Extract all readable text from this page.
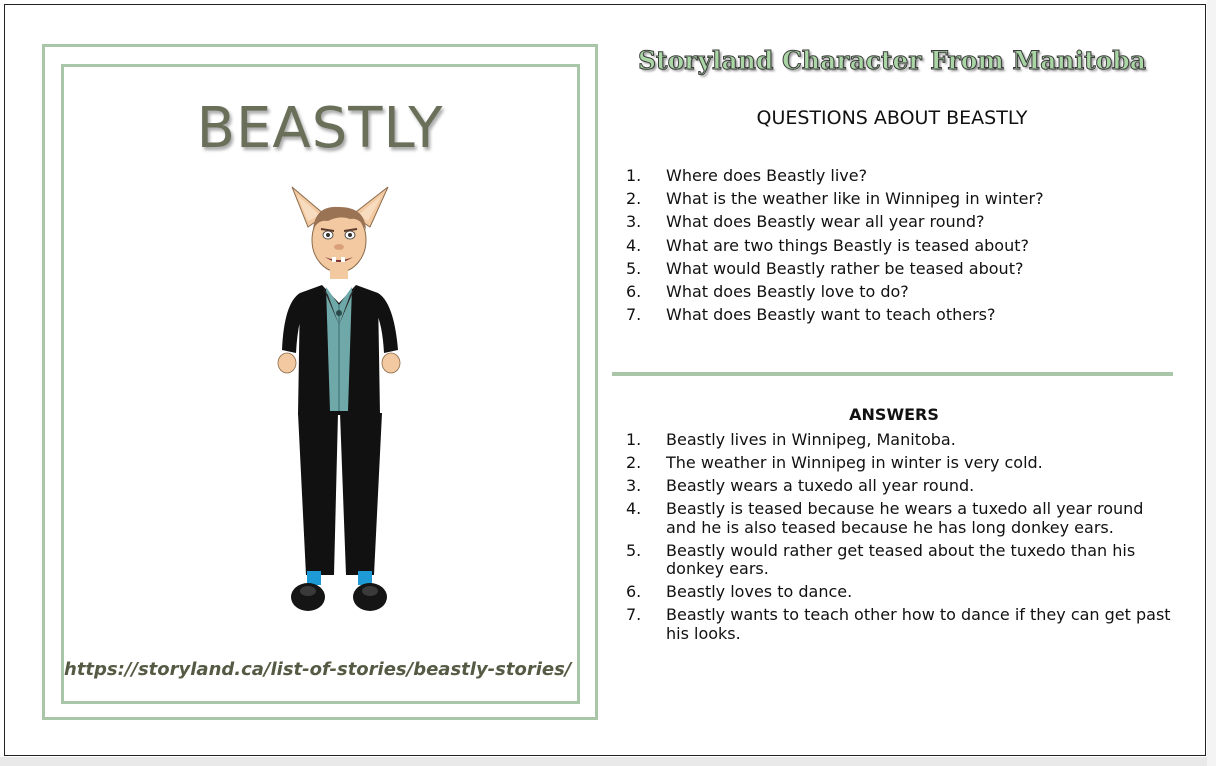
BEASTLY
https://storyland.ca/list-of-stories/beastly-stories/
Storyland Character From Manitoba
QUESTIONS ABOUT BEASTLY
1.	Where does Beastly live?
2.	What is the weather like in Winnipeg in winter?
3.	What does Beastly wear all year round?
4.	What are two things Beastly is teased about?
5.	What would Beastly rather be teased about?
6.	What does Beastly love to do?
7.	What does Beastly want to teach others?
ANSWERS
1.	Beastly lives in Winnipeg, Manitoba.
2.	The weather in Winnipeg in winter is very cold.
3.	Beastly wears a tuxedo all year round.
4.	Beastly is teased because he wears a tuxedo all year round and he is also teased because he has long donkey ears.
5.	Beastly would rather get teased about the tuxedo than his donkey ears.
6.	Beastly loves to dance.
7.	Beastly wants to teach other how to dance if they can get past his looks.
